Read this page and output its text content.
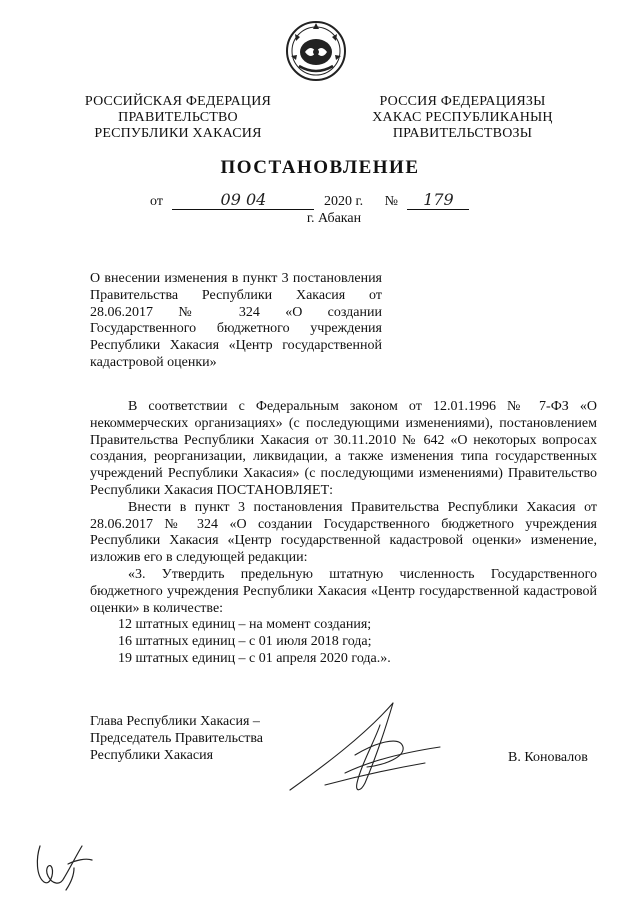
РОССИЙСКАЯ ФЕДЕРАЦИЯ
ПРАВИТЕЛЬСТВО
РЕСПУБЛИКИ ХАКАСИЯ
РОССИЯ ФЕДЕРАЦИЯЗЫ
ХАКАС РЕСПУБЛИКАНЫҢ
ПРАВИТЕЛЬСТВОЗЫ
ПОСТАНОВЛЕНИЕ
от	09 04	2020 г. № 179
г. Абакан
О внесении изменения в пункт 3 постановления Правительства Республики Хакасия от 28.06.2017 № 324 «О создании Государственного бюджетного учреждения Республики Хакасия «Центр государственной кадастровой оценки»

В соответствии с Федеральным законом от 12.01.1996 № 7-ФЗ «О некоммерческих организациях» (с последующими изменениями), постановлением Правительства Республики Хакасия от 30.11.2010 № 642 «О некоторых вопросах создания, реорганизации, ликвидации, а также изменения типа государственных учреждений Республики Хакасия» (с последующими изменениями) Правительство Республики Хакасия ПОСТАНОВЛЯЕТ:

Внести в пункт 3 постановления Правительства Республики Хакасия от 28.06.2017 № 324 «О создании Государственного бюджетного учреждения Республики Хакасия «Центр государственной кадастровой оценки» изменение, изложив его в следующей редакции:

«3. Утвердить предельную штатную численность Государственного бюджетного учреждения Республики Хакасия «Центр государственной кадастровой оценки» в количестве:

12 штатных единиц – на момент создания;

16 штатных единиц – с 01 июля 2018 года;

19 штатных единиц – с 01 апреля 2020 года.».

Глава Республики Хакасия –
Председатель Правительства
Республики Хакасия	В. Коновалов
